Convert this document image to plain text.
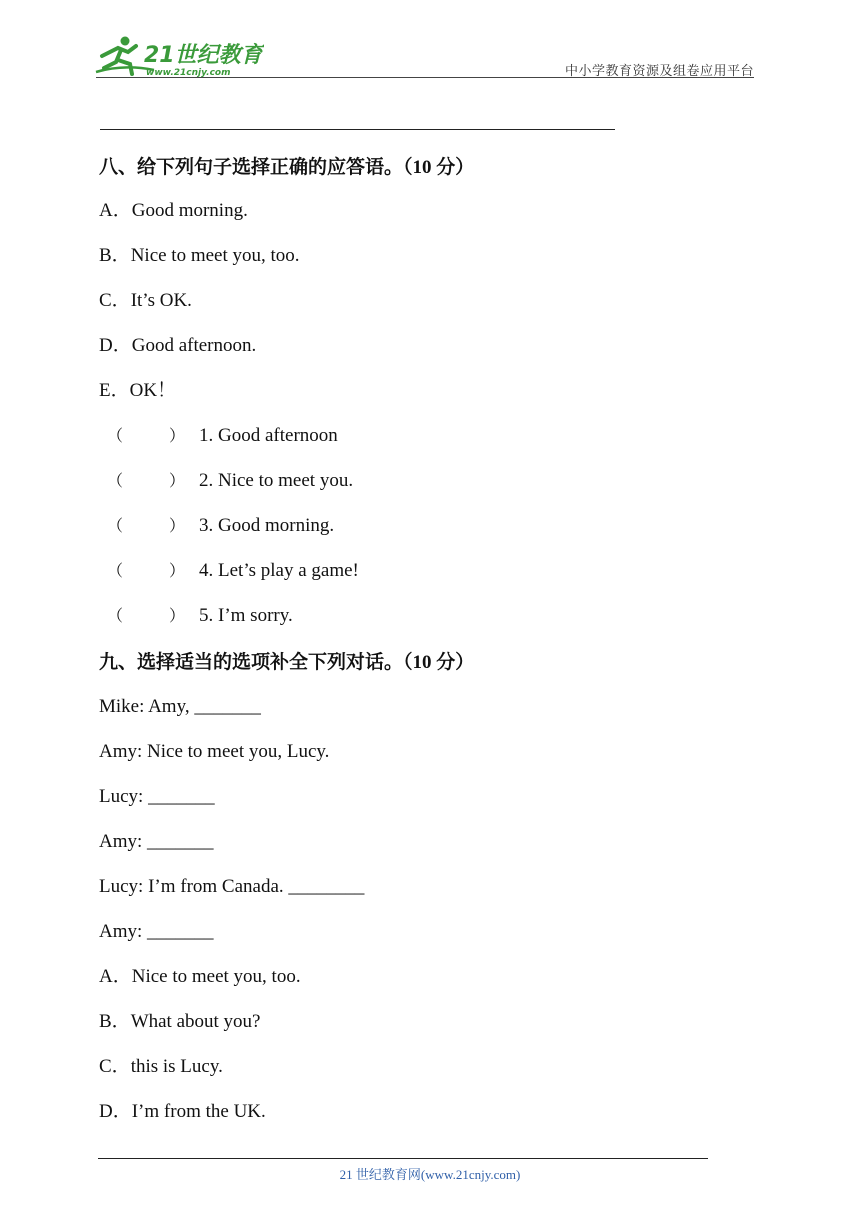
21世纪教育
www.21cnjy.com	中小学教育资源及组卷应用平台
八、给下列句子选择正确的应答语。（10 分）
A．Good morning.
B．Nice to meet you, too.
C．It’s OK.
D．Good afternoon.
E．OK！
（	） 1. Good afternoon
（	） 2. Nice to meet you.
（	） 3. Good morning.
（	） 4. Let’s play a game!
（	） 5. I’m sorry.
九、选择适当的选项补全下列对话。（10 分）
Mike: Amy, _______
Amy: Nice to meet you, Lucy.
Lucy: _______
Amy: _______
Lucy: I’m from Canada. ________
Amy: _______
A．Nice to meet you, too.
B．What about you?
C．this is Lucy.
D．I’m from the UK.
21 世纪教育网(www.21cnjy.com)
